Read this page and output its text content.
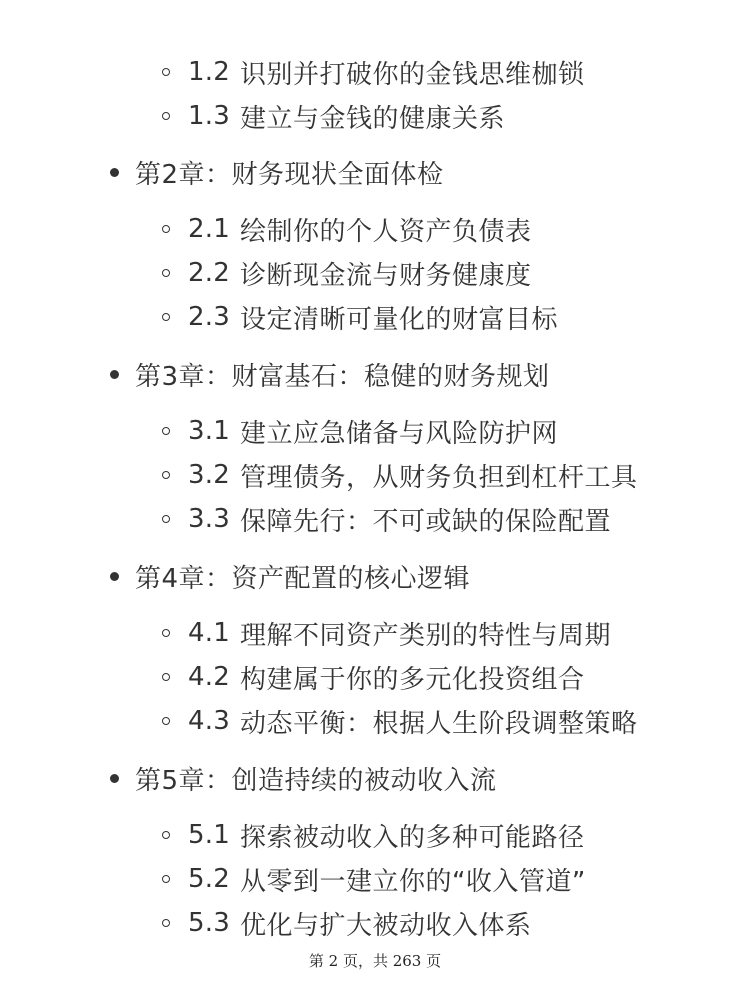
1.2 识别并打破你的金钱思维枷锁
1.3 建立与金钱的健康关系
第2章：财务现状全面体检
2.1 绘制你的个人资产负债表
2.2 诊断现金流与财务健康度
2.3 设定清晰可量化的财富目标
第3章：财富基石：稳健的财务规划
3.1 建立应急储备与风险防护网
3.2 管理债务，从财务负担到杠杆工具
3.3 保障先行：不可或缺的保险配置
第4章：资产配置的核心逻辑
4.1 理解不同资产类别的特性与周期
4.2 构建属于你的多元化投资组合
4.3 动态平衡：根据人生阶段调整策略
第5章：创造持续的被动收入流
5.1 探索被动收入的多种可能路径
5.2 从零到一建立你的“收入管道”
5.3 优化与扩大被动收入体系
第 2 页，共 263 页
